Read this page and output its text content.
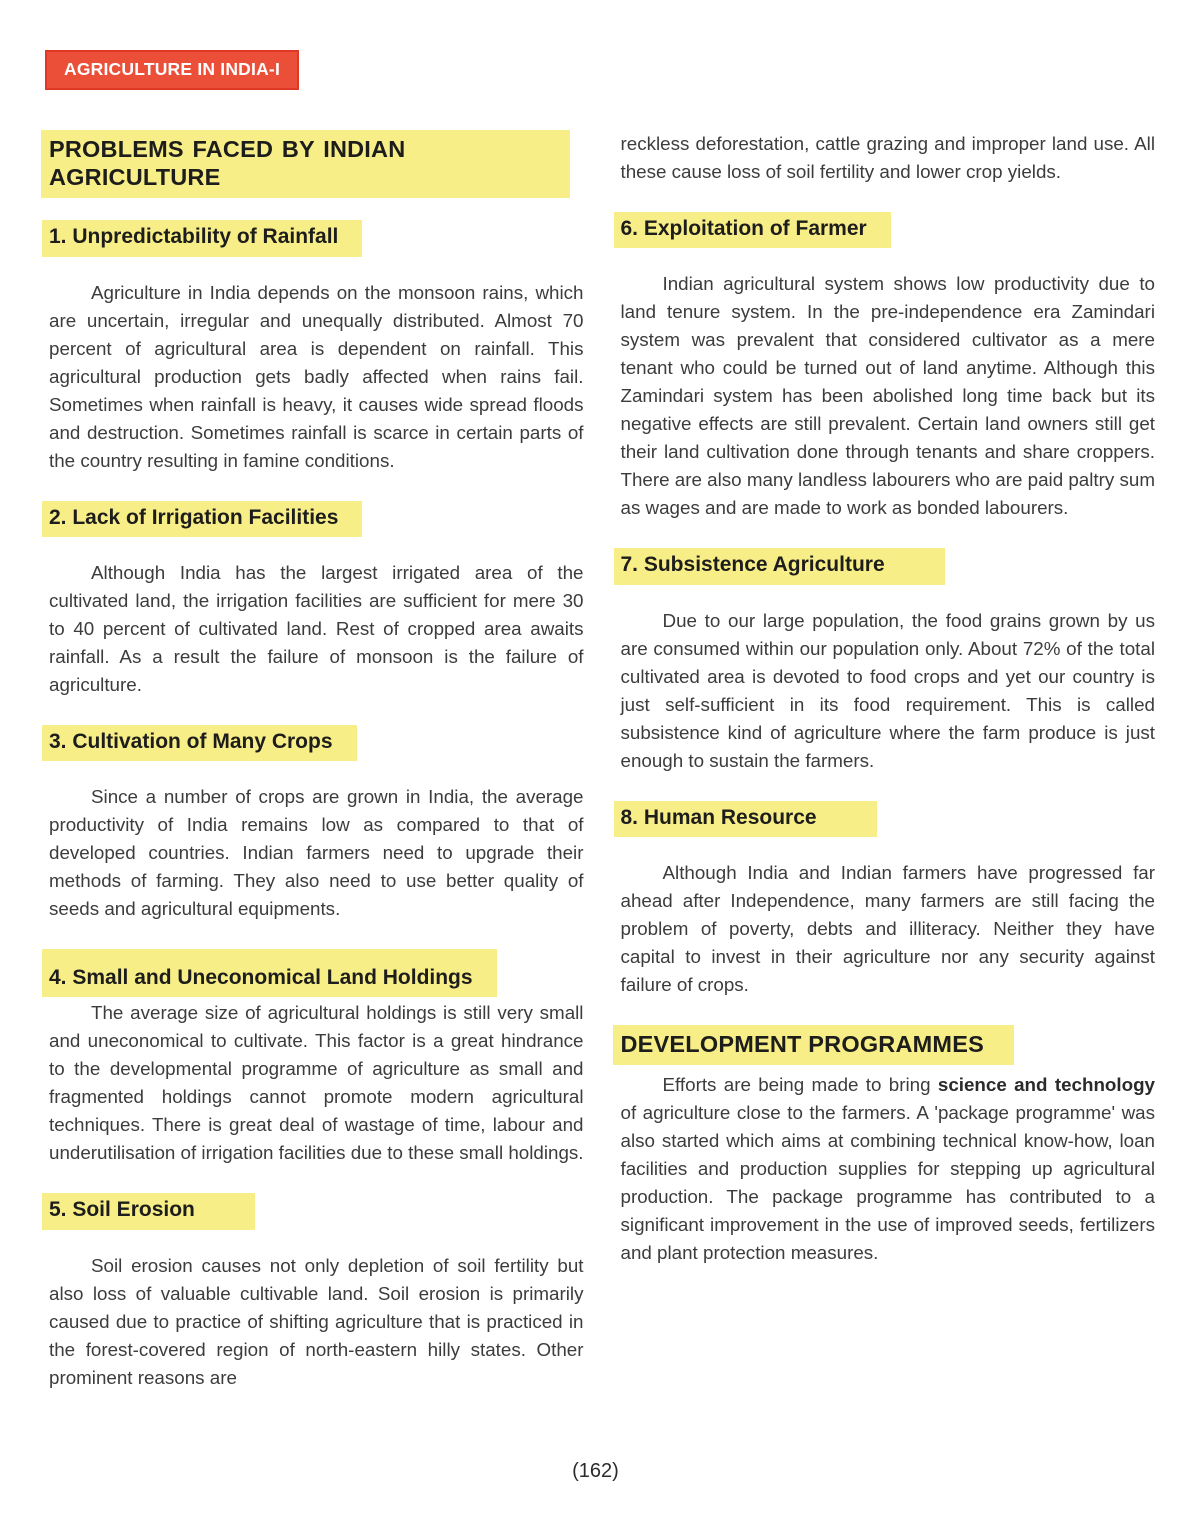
AGRICULTURE IN INDIA-I
PROBLEMS FACED BY INDIAN AGRICULTURE
1. Unpredictability of Rainfall

Agriculture in India depends on the monsoon rains, which are uncertain, irregular and unequally distributed. Almost 70 percent of agricultural area is dependent on rainfall. This agricultural production gets badly affected when rains fail. Sometimes when rainfall is heavy, it causes wide spread floods and destruction. Sometimes rainfall is scarce in certain parts of the country resulting in famine conditions.

2. Lack of Irrigation Facilities

Although India has the largest irrigated area of the cultivated land, the irrigation facilities are sufficient for mere 30 to 40 percent of cultivated land. Rest of cropped area awaits rainfall. As a result the failure of monsoon is the failure of agriculture.

3. Cultivation of Many Crops

Since a number of crops are grown in India, the average productivity of India remains low as compared to that of developed countries. Indian farmers need to upgrade their methods of farming. They also need to use better quality of seeds and agricultural equipments.

4. Small and Uneconomical Land Holdings

The average size of agricultural holdings is still very small and uneconomical to cultivate. This factor is a great hindrance to the developmental programme of agriculture as small and fragmented holdings cannot promote modern agricultural techniques. There is great deal of wastage of time, labour and underutilisation of irrigation facilities due to these small holdings.

5. Soil Erosion

Soil erosion causes not only depletion of soil fertility but also loss of valuable cultivable land. Soil erosion is primarily caused due to practice of shifting agriculture that is practiced in the forest-covered region of north-eastern hilly states. Other prominent reasons are

reckless deforestation, cattle grazing and improper land use. All these cause loss of soil fertility and lower crop yields.

6. Exploitation of Farmer

Indian agricultural system shows low productivity due to land tenure system. In the pre-independence era Zamindari system was prevalent that considered cultivator as a mere tenant who could be turned out of land anytime. Although this Zamindari system has been abolished long time back but its negative effects are still prevalent. Certain land owners still get their land cultivation done through tenants and share croppers. There are also many landless labourers who are paid paltry sum as wages and are made to work as bonded labourers.

7. Subsistence Agriculture

Due to our large population, the food grains grown by us are consumed within our population only. About 72% of the total cultivated area is devoted to food crops and yet our country is just self-sufficient in its food requirement. This is called subsistence kind of agriculture where the farm produce is just enough to sustain the farmers.

8. Human Resource

Although India and Indian farmers have progressed far ahead after Independence, many farmers are still facing the problem of poverty, debts and illiteracy. Neither they have capital to invest in their agriculture nor any security against failure of crops.

DEVELOPMENT PROGRAMMES

Efforts are being made to bring science and technology of agriculture close to the farmers. A 'package programme' was also started which aims at combining technical know-how, loan facilities and production supplies for stepping up agricultural production. The package programme has contributed to a significant improvement in the use of improved seeds, fertilizers and plant protection measures.

(162)
